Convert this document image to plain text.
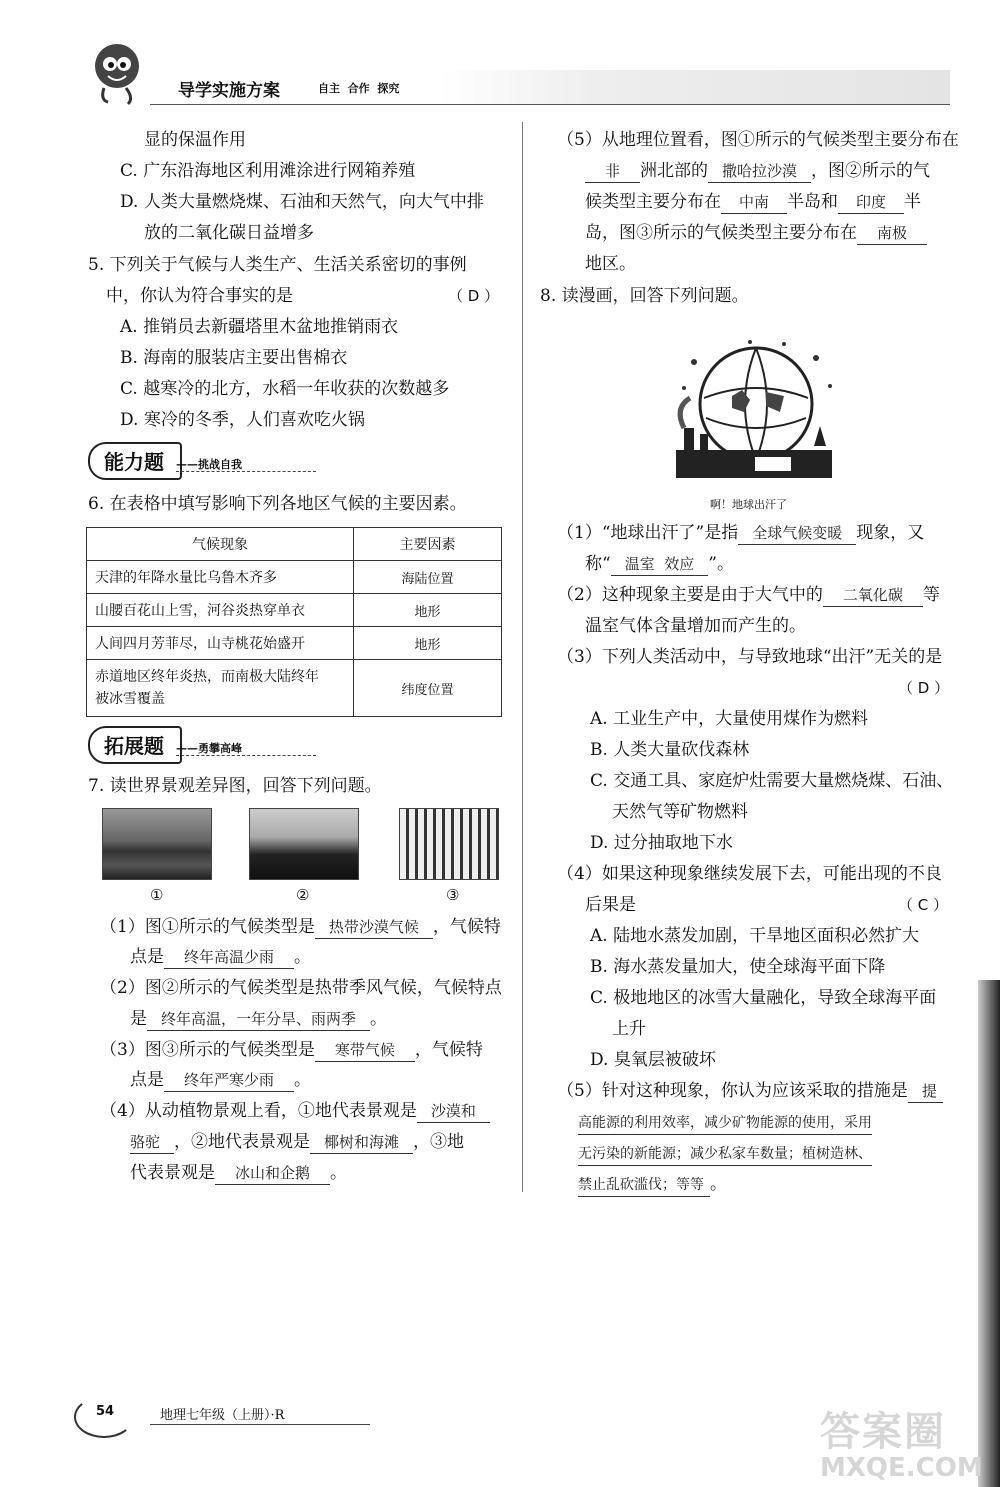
导学实施方案	自主  合作  探究
显的保温作用
C. 广东沿海地区利用滩涂进行网箱养殖
D. 人类大量燃烧煤、石油和天然气，向大气中排
放的二氧化碳日益增多
5. 下列关于气候与人类生产、生活关系密切的事例
中，你认为符合事实的是	（ D ）
A. 推销员去新疆塔里木盆地推销雨衣
B. 海南的服装店主要出售棉衣
C. 越寒冷的北方，水稻一年收获的次数越多
D. 寒冷的冬季，人们喜欢吃火锅
能力题 ——挑战自我
6. 在表格中填写影响下列各地区气候的主要因素。
气候现象	主要因素
天津的年降水量比乌鲁木齐多	海陆位置
山腰百花山上雪，河谷炎热穿单衣	地形
人间四月芳菲尽，山寺桃花始盛开	地形
赤道地区终年炎热，而南极大陆终年
被冰雪覆盖	纬度位置
拓展题 ——勇攀高峰
7. 读世界景观差异图，回答下列问题。
①	②	③
（1）图①所示的气候类型是 热带沙漠气候 ，气候特
点是 终年高温少雨 。
（2）图②所示的气候类型是热带季风气候，气候特点
是 终年高温，一年分旱、雨两季 。
（3）图③所示的气候类型是 寒带气候 ，气候特
点是 终年严寒少雨 。
（4）从动植物景观上看，①地代表景观是 沙漠和
骆驼 ，②地代表景观是 椰树和海滩 ，③地
代表景观是 冰山和企鹅 。
（5）从地理位置看，图①所示的气候类型主要分布在
非 洲北部的 撒哈拉沙漠 ，图②所示的气
候类型主要分布在 中南 半岛和 印度 半
岛，图③所示的气候类型主要分布在 南极
地区。
8. 读漫画，回答下列问题。
啊！地球出汗了
（1）“地球出汗了”是指 全球气候变暖 现象，又
称“ 温室  效应 ”。
（2）这种现象主要是由于大气中的 二氧化碳 等
温室气体含量增加而产生的。
（3）下列人类活动中，与导致地球“出汗”无关的是
（ D ）
A. 工业生产中，大量使用煤作为燃料
B. 人类大量砍伐森林
C. 交通工具、家庭炉灶需要大量燃烧煤、石油、
天然气等矿物燃料
D. 过分抽取地下水
（4）如果这种现象继续发展下去，可能出现的不良
后果是	（ C ）
A. 陆地水蒸发加剧，干旱地区面积必然扩大
B. 海水蒸发量加大，使全球海平面下降
C. 极地地区的冰雪大量融化，导致全球海平面
上升
D. 臭氧层被破坏
（5）针对这种现象，你认为应该采取的措施是 提
高能源的利用效率，减少矿物能源的使用，采用
无污染的新能源；减少私家车数量；植树造林、
禁止乱砍滥伐；等等 。
54	地理七年级（上册）·R	答案圈
MXQE.COM
